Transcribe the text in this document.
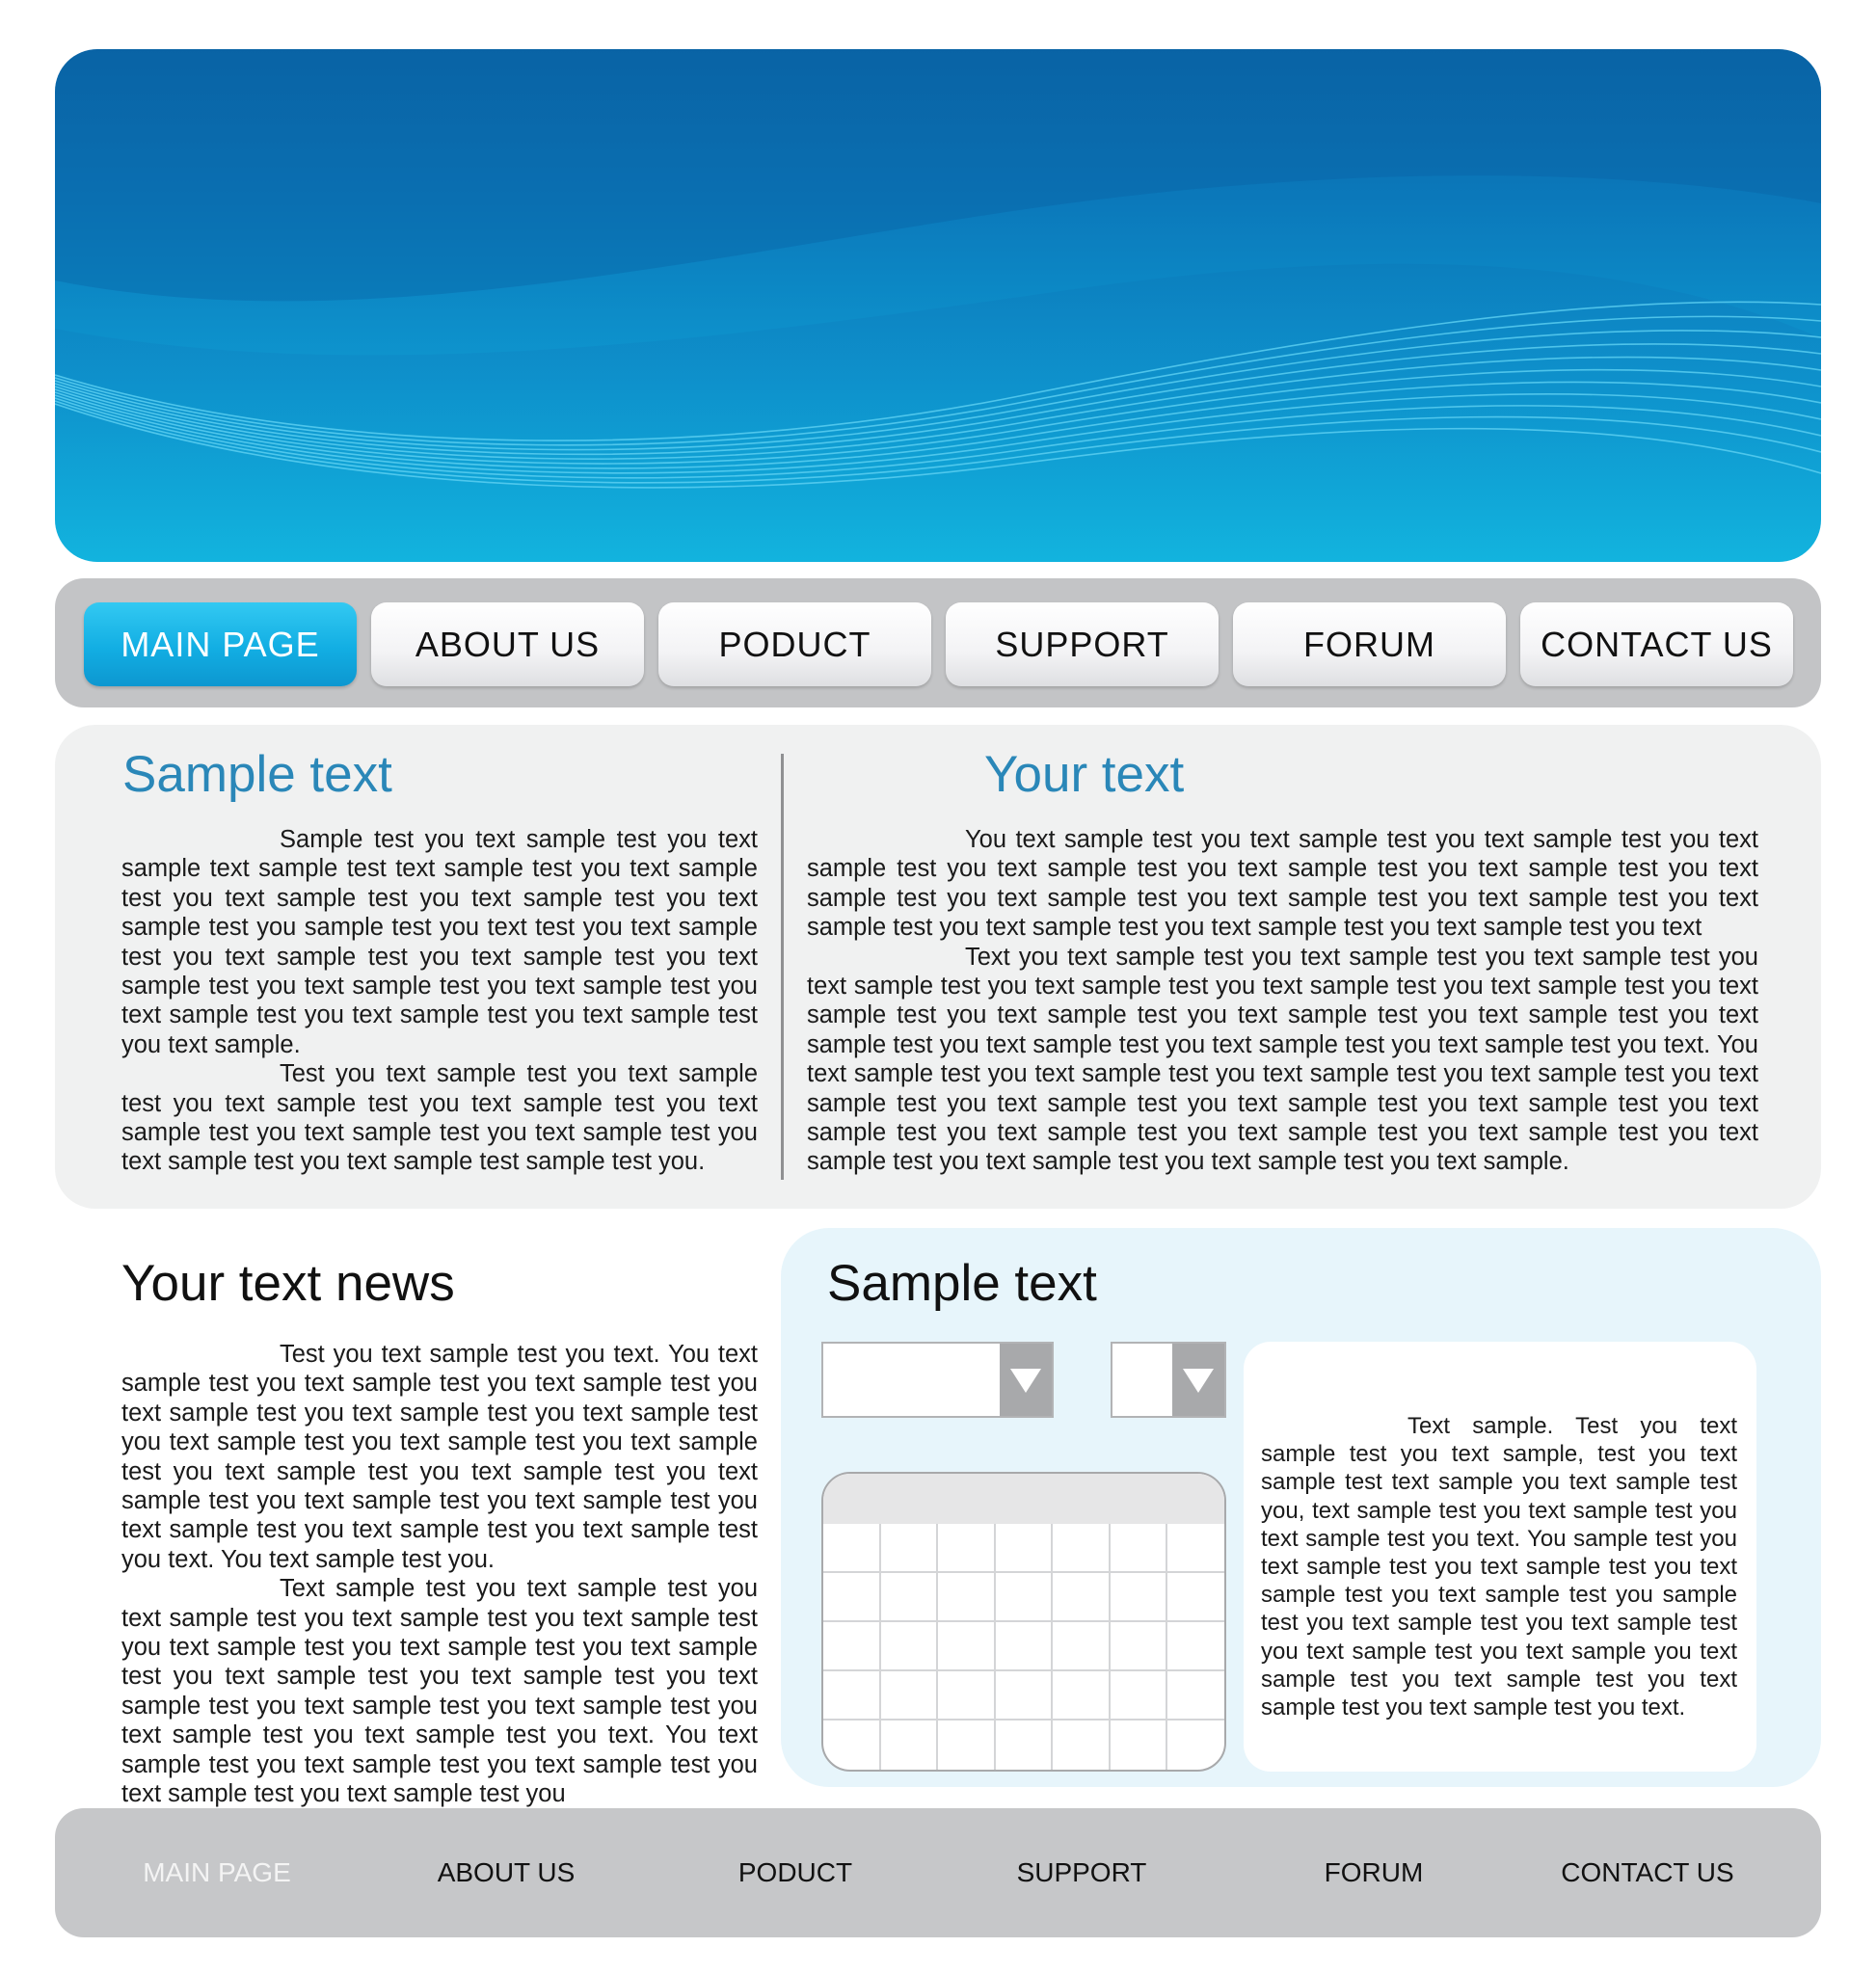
MAIN PAGE	ABOUT US	PODUCT	SUPPORT	FORUM	CONTACT US
Sample text

Sample test you text sample test you text sample text sample test text sample test you text sample test you text sample test you text sample test you text sample test you sample test you text test you text sample test you text sample test you text sample test you text sample test you text sample test you text sample test you text sample test you text sample test you text sample test you text sample.

Test you text sample test you text sample test you text sample test you text sample test you text sample test you text sample test you text sample test you text sample test you text sample test sample test you.

Your text

You text sample test you text sample test you text sample test you text sample test you text sample test you text sample test you text sample test you text sample test you text sample test you text sample test you text sample test you text sample test you text sample test you text sample test you text sample test you text

Text you text sample test you text sample test you text sample test you text sample test you text sample test you text sample test you text sample test you text sample test you text sample test you text sample test you text sample test you text sample test you text sample test you text sample test you text sample test you text. You text sample test you text sample test you text sample test you text sample test you text sample test you text sample test you text sample test you text sample test you text sample test you text sample test you text sample test you text sample test you text sample test you text sample test you text sample test you text sample.

Your text news

Test you text sample test you text. You text sample test you text sample test you text sample test you text sample test you text sample test you text sample test you text sample test you text sample test you text sample test you text sample test you text sample test you text sample test you text sample test you text sample test you text sample test you text sample test you text sample test you text. You text sample test you.

Text sample test you text sample test you text sample test you text sample test you text sample test you text sample test you text sample test you text sample test you text sample test you text sample test you text sample test you text sample test you text sample test you text sample test you text sample test you text. You text sample test you text sample test you text sample test you text sample test you text sample test you

Sample text

Text sample. Test you text sample test you text sample, test you text sample test text sample you text sample test you, text sample test you text sample test you text sample test you text. You sample test you text sample test you text sample test you text sample test you text sample test you sample test you text sample test you text sample test you text sample test you text sample you text sample test you text sample test you text sample test you text sample test you text.

MAIN PAGE	ABOUT US	PODUCT	SUPPORT	FORUM	CONTACT US
